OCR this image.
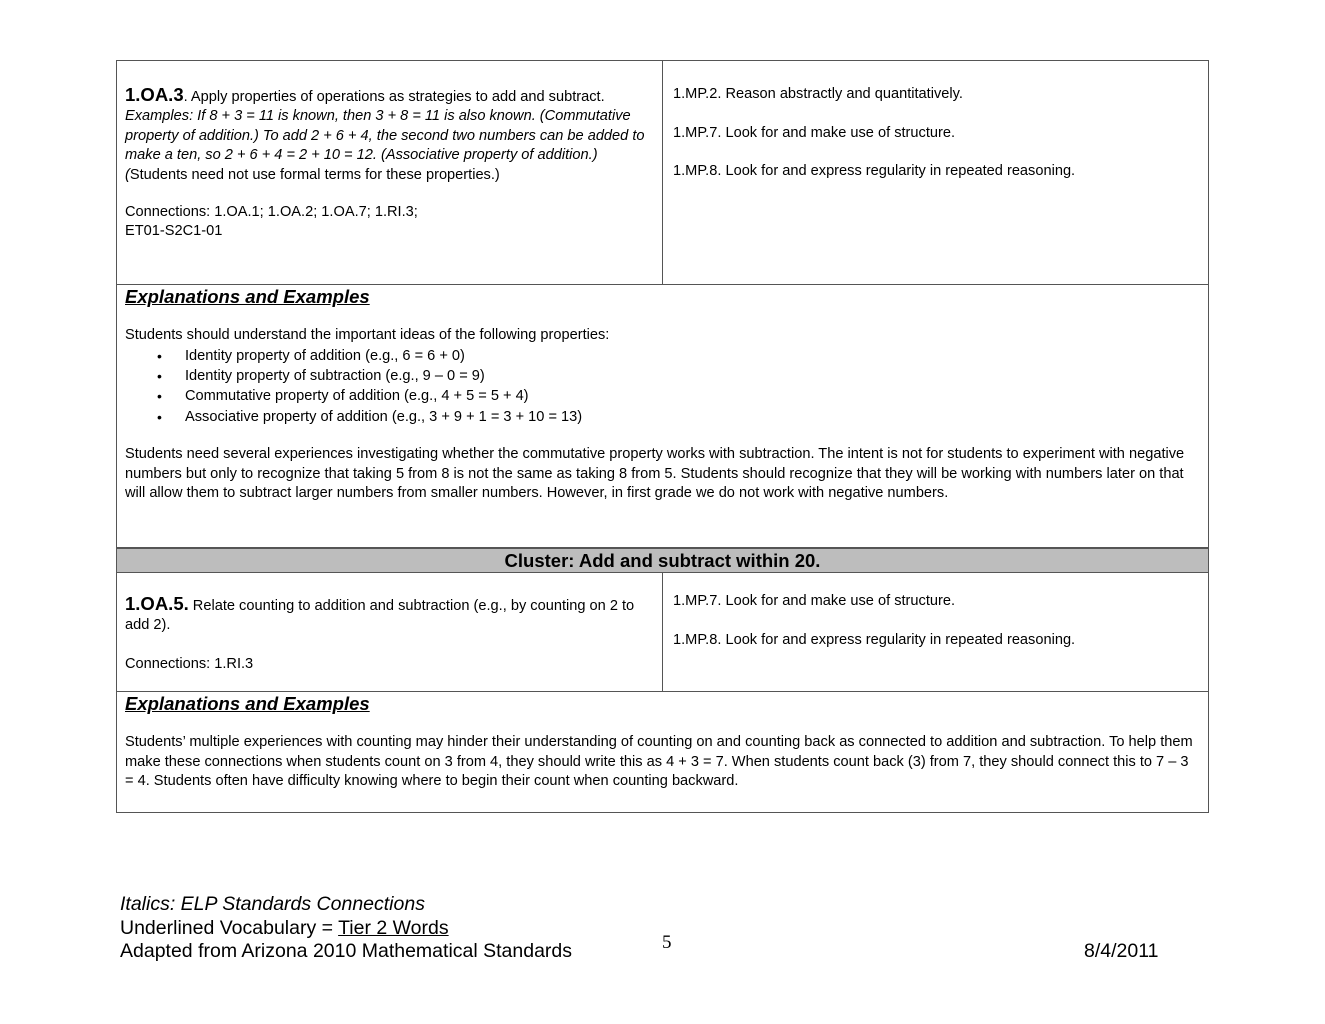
1.OA.3. Apply properties of operations as strategies to add and subtract. Examples: If 8 + 3 = 11 is known, then 3 + 8 = 11 is also known. (Commutative property of addition.) To add 2 + 6 + 4, the second two numbers can be added to make a ten, so 2 + 6 + 4 = 2 + 10 = 12. (Associative property of addition.) (Students need not use formal terms for these properties.)
Connections: 1.OA.1; 1.OA.2; 1.OA.7; 1.RI.3;
ET01-S2C1-01

1.MP.2. Reason abstractly and quantitatively.

1.MP.7. Look for and make use of structure.

1.MP.8. Look for and express regularity in repeated reasoning.

Explanations and Examples

Students should understand the important ideas of the following properties:

• Identity property of addition (e.g., 6 = 6 + 0)
• Identity property of subtraction (e.g., 9 – 0 = 9)
• Commutative property of addition (e.g., 4 + 5 = 5 + 4)
• Associative property of addition (e.g., 3 + 9 + 1 = 3 + 10 = 13)

Students need several experiences investigating whether the commutative property works with subtraction. The intent is not for students to experiment with negative numbers but only to recognize that taking 5 from 8 is not the same as taking 8 from 5. Students should recognize that they will be working with numbers later on that will allow them to subtract larger numbers from smaller numbers. However, in first grade we do not work with negative numbers.

Cluster: Add and subtract within 20.
1.OA.5. Relate counting to addition and subtraction (e.g., by counting on 2 to add 2).
Connections: 1.RI.3

1.MP.7. Look for and make use of structure.

1.MP.8. Look for and express regularity in repeated reasoning.

Explanations and Examples

Students’ multiple experiences with counting may hinder their understanding of counting on and counting back as connected to addition and subtraction. To help them make these connections when students count on 3 from 4, they should write this as 4 + 3 = 7. When students count back (3) from 7, they should connect this to 7 – 3 = 4. Students often have difficulty knowing where to begin their count when counting backward.

Italics: ELP Standards Connections
Underlined Vocabulary = Tier 2 Words
Adapted from Arizona 2010 Mathematical Standards	5	8/4/2011
